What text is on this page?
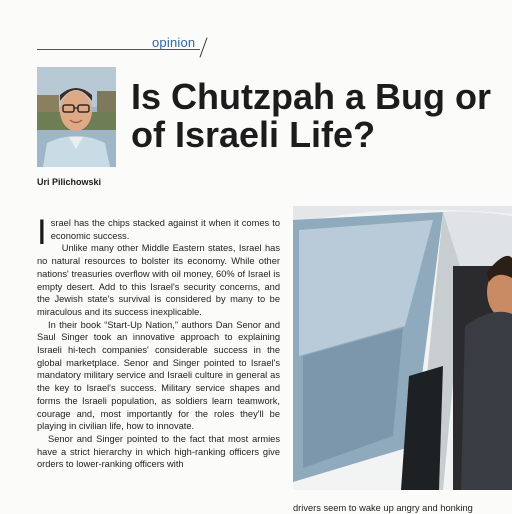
opinion
Uri Pilichowski
Is Chutzpah a Bug or
of Israeli Life?

Israel has the chips stacked against it when it comes to economic success.

Unlike many other Middle Eastern states, Israel has no natural resources to bolster its economy. While other nations' treasuries overflow with oil money, 60% of Israel is empty desert. Add to this Israel's security concerns, and the Jewish state's survival is considered by many to be miraculous and its success inexplicable.

In their book “Start-Up Nation,” authors Dan Senor and Saul Singer took an innovative approach to explaining Israeli hi-tech companies' considerable success in the global marketplace. Senor and Singer pointed to Israel's mandatory military service and Israeli culture in general as the key to Israel's success. Military service shapes and forms the Israeli population, as soldiers learn teamwork, courage and, most importantly for the roles they'll be playing in civilian life, how to innovate.

Senor and Singer pointed to the fact that most armies have a strict hierarchy in which high-ranking officers give orders to lower-ranking officers with

drivers seem to wake up angry and honking
